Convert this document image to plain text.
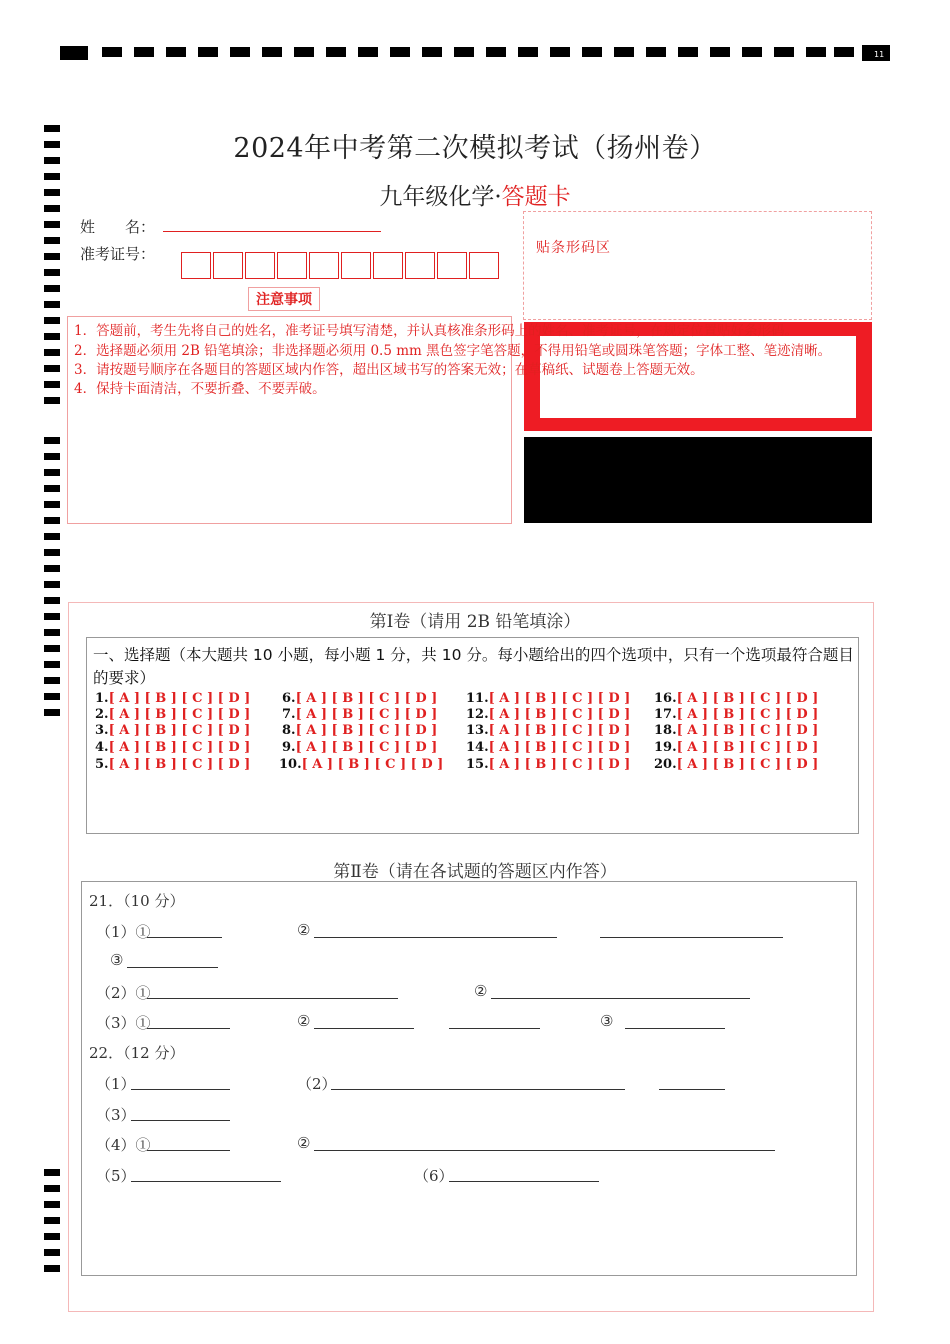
11
2024年中考第二次模拟考试（扬州卷）
九年级化学·答题卡
姓　　名：
准考证号：	贴条形码区
注意事项
1．答题前，考生先将自己的姓名，准考证号填写清楚，并认真核准条形码上的姓名、准考证号，在规定位置贴好条形码。
2．选择题必须用 2B 铅笔填涂；非选择题必须用 0.5 mm 黑色签字笔答题，不得用铅笔或圆珠笔答题；字体工整、笔迹清晰。
3．请按题号顺序在各题目的答题区域内作答，超出区域书写的答案无效；在草稿纸、试题卷上答题无效。
4．保持卡面清洁，不要折叠、不要弄破。
第Ⅰ卷（请用 2B 铅笔填涂）
一、选择题（本大题共 10 小题，每小题 1 分，共 10 分。每小题给出的四个选项中，只有一个选项最符合题目的要求）
1.[ A ] [ B ] [ C ] [ D ]
2.[ A ] [ B ] [ C ] [ D ]
3.[ A ] [ B ] [ C ] [ D ]
4.[ A ] [ B ] [ C ] [ D ]
5.[ A ] [ B ] [ C ] [ D ]
6.[ A ] [ B ] [ C ] [ D ]
7.[ A ] [ B ] [ C ] [ D ]
8.[ A ] [ B ] [ C ] [ D ]
9.[ A ] [ B ] [ C ] [ D ]
10.[ A ] [ B ] [ C ] [ D ]
11.[ A ] [ B ] [ C ] [ D ]
12.[ A ] [ B ] [ C ] [ D ]
13.[ A ] [ B ] [ C ] [ D ]
14.[ A ] [ B ] [ C ] [ D ]
15.[ A ] [ B ] [ C ] [ D ]
16.[ A ] [ B ] [ C ] [ D ]
17.[ A ] [ B ] [ C ] [ D ]
18.[ A ] [ B ] [ C ] [ D ]
19.[ A ] [ B ] [ C ] [ D ]
20.[ A ] [ B ] [ C ] [ D ]
第Ⅱ卷（请在各试题的答题区内作答）
21．（10 分）
（1）①	②
③
（2）①	②
（3）①	②	③
22．（12 分）
（1）	（2）
（3）
（4）①	②
（5）	（6）
